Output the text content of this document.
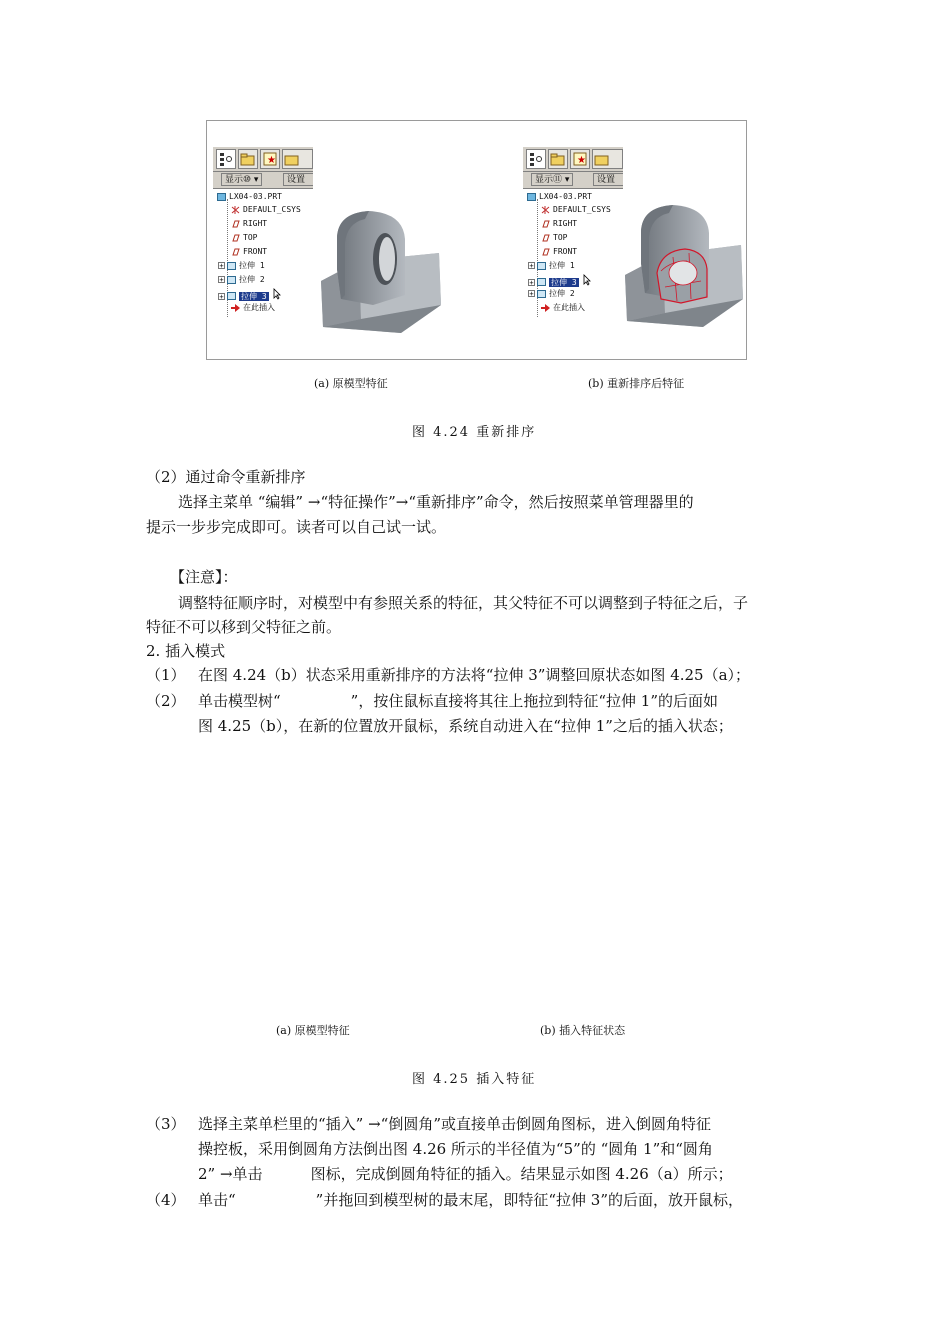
★
显示⑩ ▾	设置
LX04-03.PRT
DEFAULT_CSYS
RIGHT
TOP
FRONT
+ 拉伸 1
+ 拉伸 2
+ 拉伸 3
在此插入
★
显示⑪ ▾	设置
LX04-03.PRT
DEFAULT_CSYS
RIGHT
TOP
FRONT
+ 拉伸 1
+ 拉伸 3
+ 拉伸 2
在此插入
(a) 原模型特征	(b) 重新排序后特征
图 4.24 重新排序
（2）通过命令重新排序
选择主菜单 “编辑” →“特征操作”→“重新排序”命令，然后按照菜单管理器里的
提示一步步完成即可。读者可以自己试一试。
【注意】：
调整特征顺序时，对模型中有参照关系的特征，其父特征不可以调整到子特征之后，子
特征不可以移到父特征之前。
2. 插入模式
（1） 在图 4.24（b）状态采用重新排序的方法将“拉伸 3”调整回原状态如图 4.25（a）；
（2） 单击模型树“	”，按住鼠标直接将其往上拖拉到特征“拉伸 1”的后面如
图 4.25（b），在新的位置放开鼠标，系统自动进入在“拉伸 1”之后的插入状态；
(a) 原模型特征	(b) 插入特征状态
图 4.25 插入特征
（3） 选择主菜单栏里的“插入” →“倒圆角”或直接单击倒圆角图标，进入倒圆角特征
操控板，采用倒圆角方法倒出图 4.26 所示的半径值为“5”的 “圆角 1”和“圆角
2” →单击	图标，完成倒圆角特征的插入。结果显示如图 4.26（a）所示；
（4） 单击“	”并拖回到模型树的最末尾，即特征“拉伸 3”的后面，放开鼠标，
